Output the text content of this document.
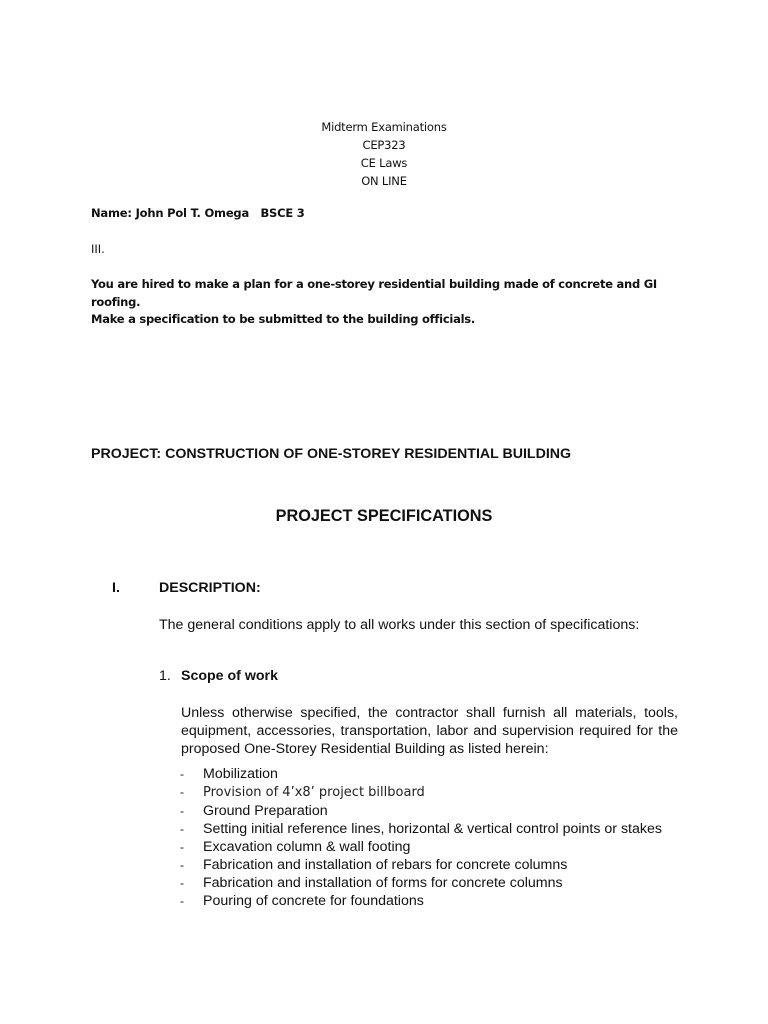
Midterm Examinations
CEP323
CE Laws
ON LINE
Name: John Pol T. Omega BSCE 3
III.
You are hired to make a plan for a one-storey residential building made of concrete and GI roofing.
Make a specification to be submitted to the building officials.
PROJECT: CONSTRUCTION OF ONE-STOREY RESIDENTIAL BUILDING
PROJECT SPECIFICATIONS
I.	DESCRIPTION:
The general conditions apply to all works under this section of specifications:
1. Scope of work
Unless otherwise specified, the contractor shall furnish all materials, tools, equipment, accessories, transportation, labor and supervision required for the proposed One-Storey Residential Building as listed herein:
- Mobilization
- Provision of 4’x8’ project billboard
- Ground Preparation
- Setting initial reference lines, horizontal & vertical control points or stakes
- Excavation column & wall footing
- Fabrication and installation of rebars for concrete columns
- Fabrication and installation of forms for concrete columns
- Pouring of concrete for foundations
